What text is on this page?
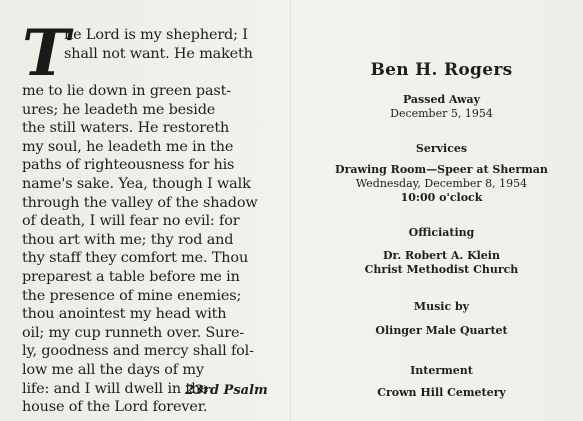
T
he Lord is my shepherd; I
shall not want. He maketh
me to lie down in green past-
ures; he leadeth me beside
the still waters. He restoreth
my soul, he leadeth me in the
paths of righteousness for his
name's sake. Yea, though I walk
through the valley of the shadow
of death, I will fear no evil: for
thou art with me; thy rod and
thy staff they comfort me. Thou
preparest a table before me in
the presence of mine enemies;
thou anointest my head with
oil; my cup runneth over. Sure-
ly, goodness and mercy shall fol-
low me all the days of my
life: and I will dwell in the
house of the Lord forever.
23rd Psalm
Ben H. Rogers
Passed Away
December 5, 1954
Services
Drawing Room—Speer at Sherman
Wednesday, December 8, 1954
10:00 o'clock
Officiating
Dr. Robert A. Klein
Christ Methodist Church
Music by
Olinger Male Quartet
Interment
Crown Hill Cemetery
